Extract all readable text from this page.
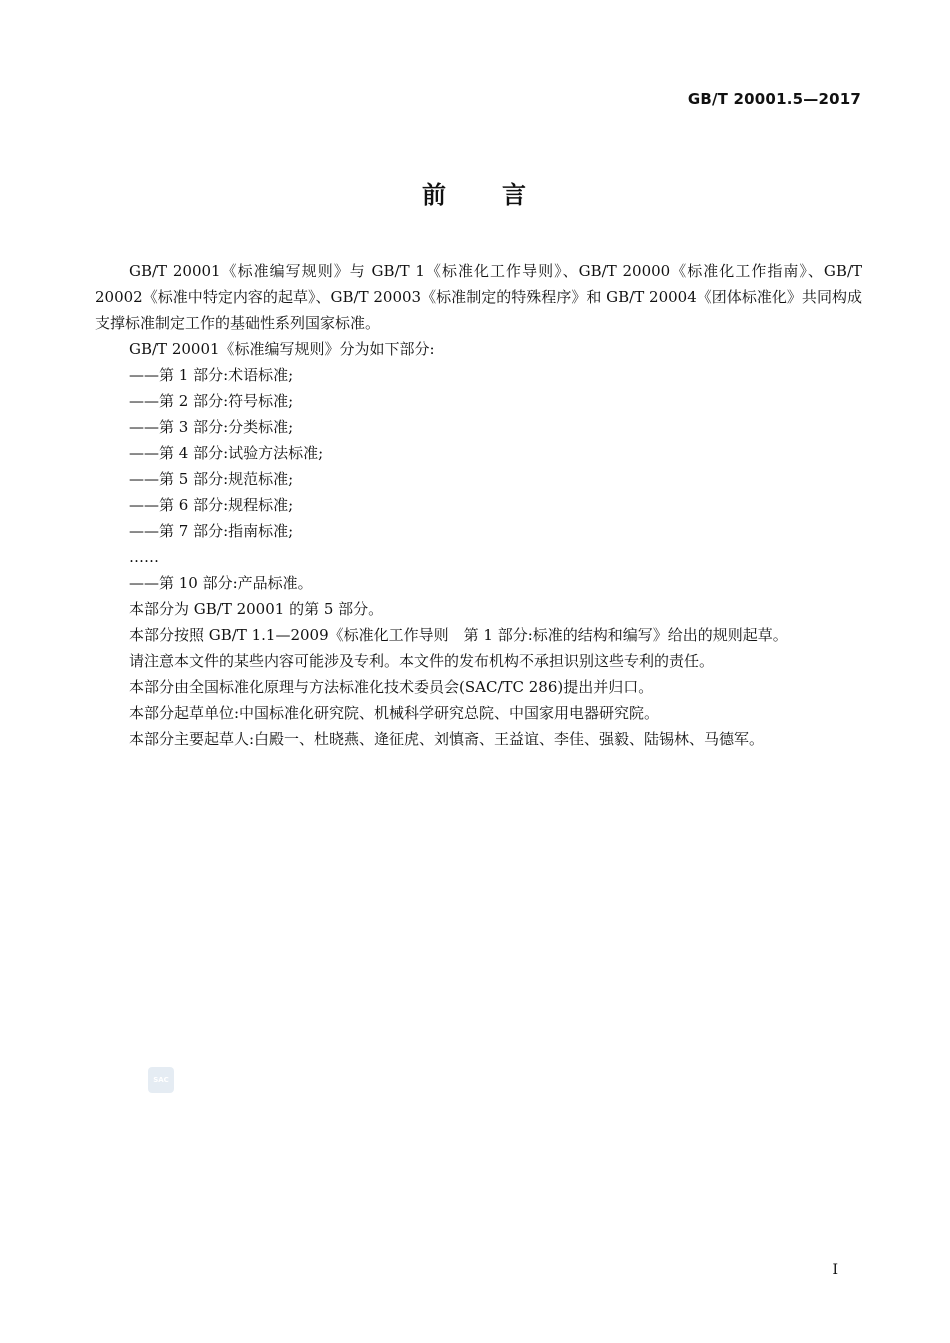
GB/T 20001.5—2017
前 言

GB/T 20001《标准编写规则》与 GB/T 1《标准化工作导则》、GB/T 20000《标准化工作指南》、GB/T 20002《标准中特定内容的起草》、GB/T 20003《标准制定的特殊程序》和 GB/T 20004《团体标准化》共同构成支撑标准制定工作的基础性系列国家标准。

GB/T 20001《标准编写规则》分为如下部分:

——第 1 部分:术语标准;

——第 2 部分:符号标准;

——第 3 部分:分类标准;

——第 4 部分:试验方法标准;

——第 5 部分:规范标准;

——第 6 部分:规程标准;

——第 7 部分:指南标准;

……

——第 10 部分:产品标准。

本部分为 GB/T 20001 的第 5 部分。

本部分按照 GB/T 1.1—2009《标准化工作导则　第 1 部分:标准的结构和编写》给出的规则起草。

请注意本文件的某些内容可能涉及专利。本文件的发布机构不承担识别这些专利的责任。

本部分由全国标准化原理与方法标准化技术委员会(SAC/TC 286)提出并归口。

本部分起草单位:中国标准化研究院、机械科学研究总院、中国家用电器研究院。

本部分主要起草人:白殿一、杜晓燕、逄征虎、刘慎斋、王益谊、李佳、强毅、陆锡林、马德军。

SAC
I
